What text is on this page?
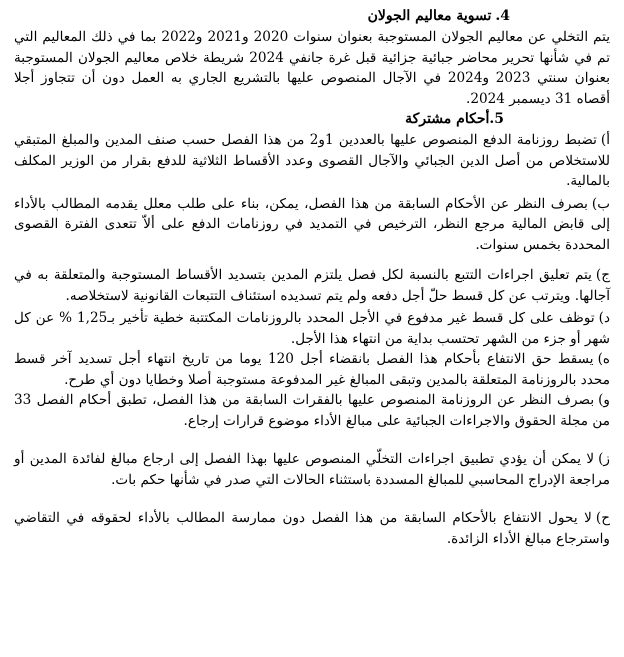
4.تسوية معاليم الجولان

يتم التخلي عن معاليم الجولان المستوجبة بعنوان سنوات 2020 و2021 و2022 بما في ذلك المعاليم التي تم في شأنها تحرير محاضر جبائية جزائية قبل غرة جانفي 2024 شريطة خلاص معاليم الجولان المستوجبة بعنوان سنتي 2023 و2024 في الآجال المنصوص عليها بالتشريع الجاري به العمل دون أن تتجاوز أجلا أقصاه 31 ديسمبر 2024.

5.أحكام مشتركة

أ)تضبط روزنامة الدفع المنصوص عليها بالعددين 1و2 من هذا الفصل حسب صنف المدين والمبلغ المتبقي للاستخلاص من أصل الدين الجبائي والآجال القصوى وعدد الأقساط الثلاثية للدفع بقرار من الوزير المكلف بالمالية.

ب)بصرف النظر عن الأحكام السابقة من هذا الفصل، يمكن، بناء على طلب معلل يقدمه المطالب بالأداء إلى قابض المالية مرجع النظر، الترخيص في التمديد في روزنامات الدفع على ألاّ تتعدى الفترة القصوى المحددة بخمس سنوات.

ج)يتم تعليق اجراءات التتبع بالنسبة لكل فصل يلتزم المدين بتسديد الأقساط المستوجبة والمتعلقة به في آجالها. ويترتب عن كل قسط حلّ أجل دفعه ولم يتم تسديده استئناف التتبعات القانونية لاستخلاصه.

د)توظف على كل قسط غير مدفوع في الأجل المحدد بالروزنامات المكتتبة خطية تأخير بـ1,25 % عن كل شهر أو جزء من الشهر تحتسب بداية من انتهاء هذا الأجل.

ه)يسقط حق الانتفاع بأحكام هذا الفصل بانقضاء أجل 120 يوما من تاريخ انتهاء أجل تسديد آخر قسط محدد بالروزنامة المتعلقة بالمدين وتبقى المبالغ غير المدفوعة مستوجبة أصلا وخطايا دون أي طرح.

و)بصرف النظر عن الروزنامة المنصوص عليها بالفقرات السابقة من هذا الفصل، تطبق أحكام الفصل 33 من مجلة الحقوق والاجراءات الجبائية على مبالغ الأداء موضوع قرارات إرجاع.

ز)لا يمكن أن يؤدي تطبيق اجراءات التخلّي المنصوص عليها بهذا الفصل إلى ارجاع مبالغ لفائدة المدين أو مراجعة الإدراج المحاسبي للمبالغ المسددة باستثناء الحالات التي صدر في شأنها حكم بات.

ح)لا يحول الانتفاع بالأحكام السابقة من هذا الفصل دون ممارسة المطالب بالأداء لحقوقه في التقاضي واسترجاع مبالغ الأداء الزائدة.
